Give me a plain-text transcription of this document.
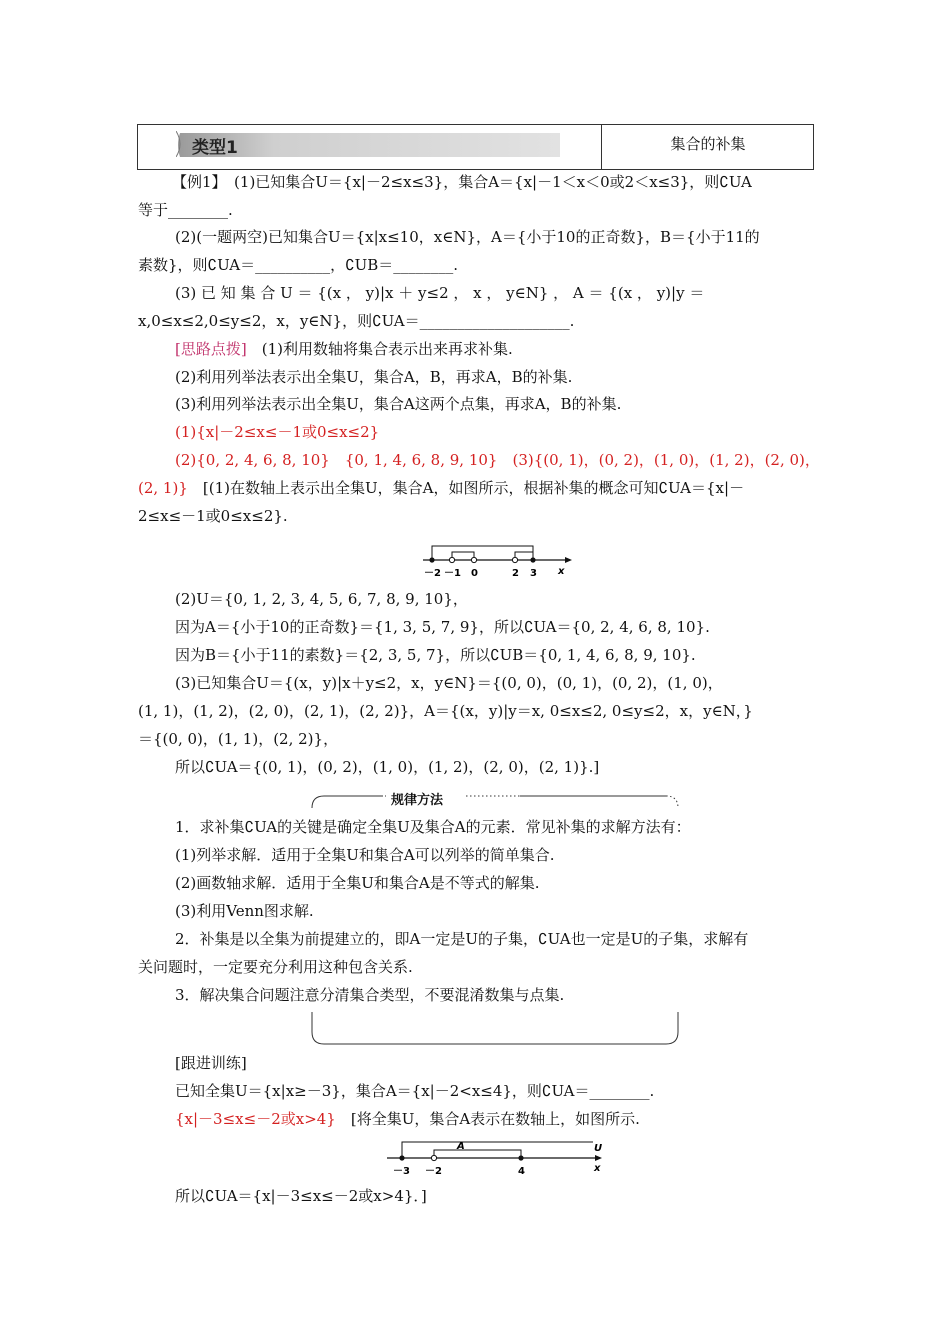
类型1	集合的补集
【例1】　(1)已知集合U＝{x|－2≤x≤3}，集合A＝{x|－1＜x＜0或2＜x≤3}，则∁UA
等于________.
(2)(一题两空)已知集合U＝{x|x≤10，x∈N}，A＝{小于10的正奇数}，B＝{小于11的
素数}，则∁UA＝__________，∁UB＝________.
(3) 已 知 集 合 U ＝ {(x ， y)|x ＋ y≤2 ， x ， y∈N} ， A ＝ {(x ， y)|y ＝
x,0≤x≤2,0≤y≤2，x，y∈N}，则∁UA＝____________________.
[思路点拨]　 (1)利用数轴将集合表示出来再求补集.
(2)利用列举法表示出全集U，集合A，B，再求A，B的补集.
(3)利用列举法表示出全集U，集合A这两个点集，再求A，B的补集.
(1){x|－2≤x≤－1或0≤x≤2}
(2){0, 2, 4, 6, 8, 10}　{0, 1, 4, 6, 8, 9, 10}　(3){(0, 1)，(0, 2)，(1, 0)，(1, 2)，(2, 0)，
(2, 1)}　[(1)在数轴上表示出全集U，集合A，如图所示，根据补集的概念可知∁UA＝{x|－
2≤x≤－1或0≤x≤2}.
－2 －1 0	2 3 x
(2)U＝{0, 1, 2, 3, 4, 5, 6, 7, 8, 9, 10}，
因为A＝{小于10的正奇数}＝{1, 3, 5, 7, 9}，所以∁UA＝{0, 2, 4, 6, 8, 10}.
因为B＝{小于11的素数}＝{2, 3, 5, 7}，所以∁UB＝{0, 1, 4, 6, 8, 9, 10}.
(3)已知集合U＝{(x，y)|x＋y≤2，x，y∈N}＝{(0, 0)，(0, 1)，(0, 2)，(1, 0)，
(1, 1)，(1, 2)，(2, 0)，(2, 1)，(2, 2)}，A＝{(x，y)|y＝x, 0≤x≤2, 0≤y≤2，x，y∈N，}
＝{(0, 0)，(1, 1)，(2, 2)}，
所以∁UA＝{(0, 1)，(0, 2)，(1, 0)，(1, 2)，(2, 0)，(2, 1)}.]
规律方法
1．求补集∁UA的关键是确定全集U及集合A的元素．常见补集的求解方法有：
(1)列举求解．适用于全集U和集合A可以列举的简单集合.
(2)画数轴求解．适用于全集U和集合A是不等式的解集.
(3)利用Venn图求解.
2．补集是以全集为前提建立的，即A一定是U的子集，∁UA也一定是U的子集，求解有
关问题时，一定要充分利用这种包含关系.
3．解决集合问题注意分清集合类型，不要混淆数集与点集.
[跟进训练]
已知全集U＝{x|x≥－3}，集合A＝{x|－2<x≤4}，则∁UA＝________.
{x|－3≤x≤－2或x>4}　[将全集U，集合A表示在数轴上，如图所示.
A	U
－3 －2	4	x
所以∁UA＝{x|－3≤x≤－2或x>4}．]
